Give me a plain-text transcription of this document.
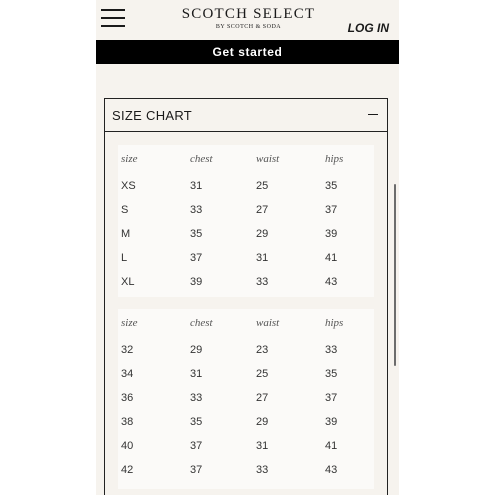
SCOTCH SELECT
BY SCOTCH & SODA	LOG IN
Get started
SIZE CHART
size	chest	waist	hips
XS	31	25	35
S	33	27	37
M	35	29	39
L	37	31	41
XL	39	33	43
size	chest	waist	hips
32	29	23	33
34	31	25	35
36	33	27	37
38	35	29	39
40	37	31	41
42	37	33	43
